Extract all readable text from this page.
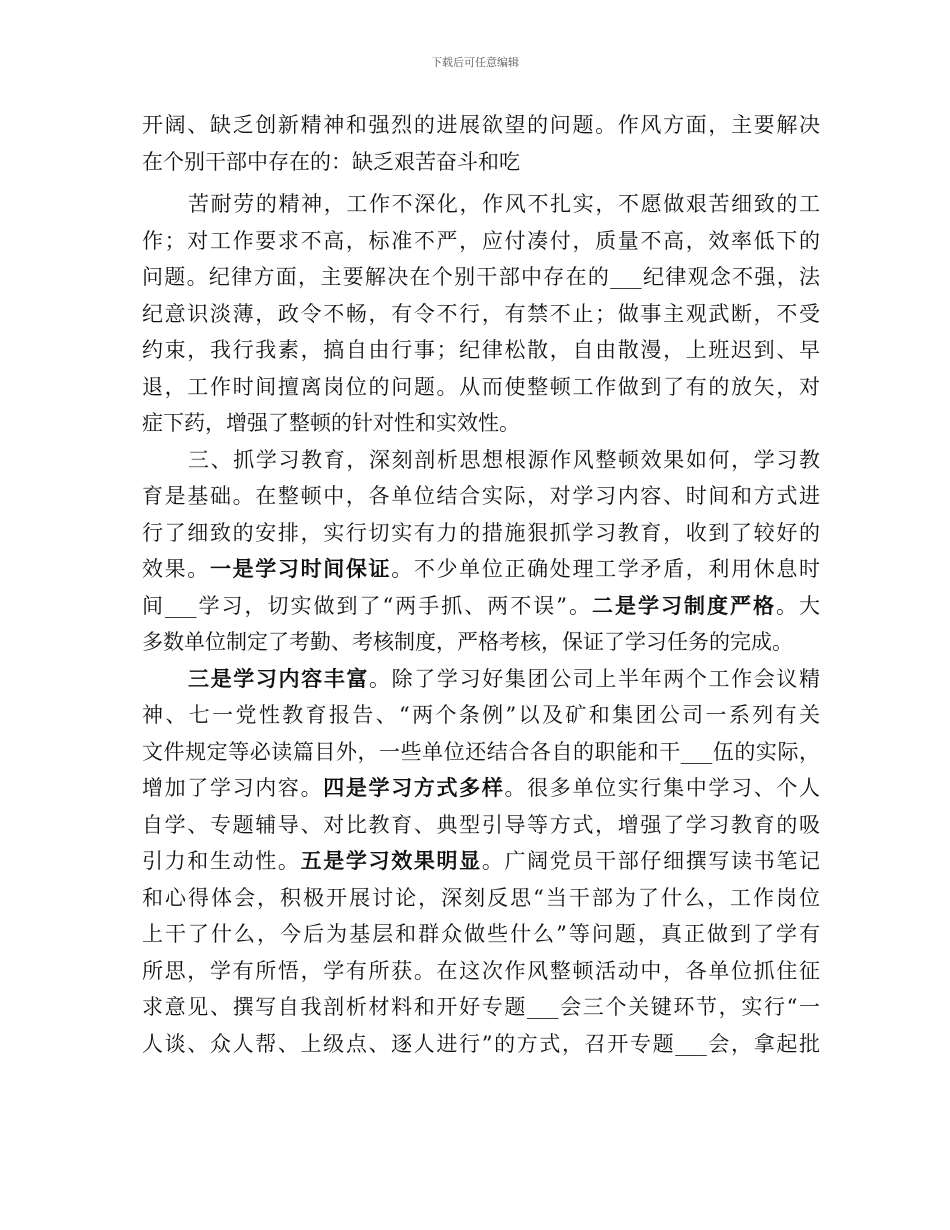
下载后可任意编辑
开阔、缺乏创新精神和强烈的进展欲望的问题。作风方面，主要解决
在个别干部中存在的：缺乏艰苦奋斗和吃
苦耐劳的精神，工作不深化，作风不扎实，不愿做艰苦细致的工
作；对工作要求不高，标准不严，应付凑付，质量不高，效率低下的
问题。纪律方面，主要解决在个别干部中存在的___纪律观念不强，法
纪意识淡薄，政令不畅，有令不行，有禁不止；做事主观武断，不受
约束，我行我素，搞自由行事；纪律松散，自由散漫，上班迟到、早
退，工作时间擅离岗位的问题。从而使整顿工作做到了有的放矢，对
症下药，增强了整顿的针对性和实效性。
三、抓学习教育，深刻剖析思想根源作风整顿效果如何，学习教
育是基础。在整顿中，各单位结合实际，对学习内容、时间和方式进
行了细致的安排，实行切实有力的措施狠抓学习教育，收到了较好的
效果。一是学习时间保证。不少单位正确处理工学矛盾，利用休息时
间___学习，切实做到了“两手抓、两不误”。二是学习制度严格。大
多数单位制定了考勤、考核制度，严格考核，保证了学习任务的完成。
三是学习内容丰富。除了学习好集团公司上半年两个工作会议精
神、七一党性教育报告、“两个条例”以及矿和集团公司一系列有关
文件规定等必读篇目外，一些单位还结合各自的职能和干___伍的实际，
增加了学习内容。四是学习方式多样。很多单位实行集中学习、个人
自学、专题辅导、对比教育、典型引导等方式，增强了学习教育的吸
引力和生动性。五是学习效果明显。广阔党员干部仔细撰写读书笔记
和心得体会，积极开展讨论，深刻反思“当干部为了什么，工作岗位
上干了什么，今后为基层和群众做些什么”等问题，真正做到了学有
所思，学有所悟，学有所获。在这次作风整顿活动中，各单位抓住征
求意见、撰写自我剖析材料和开好专题___会三个关键环节，实行“一
人谈、众人帮、上级点、逐人进行”的方式，召开专题___会，拿起批
